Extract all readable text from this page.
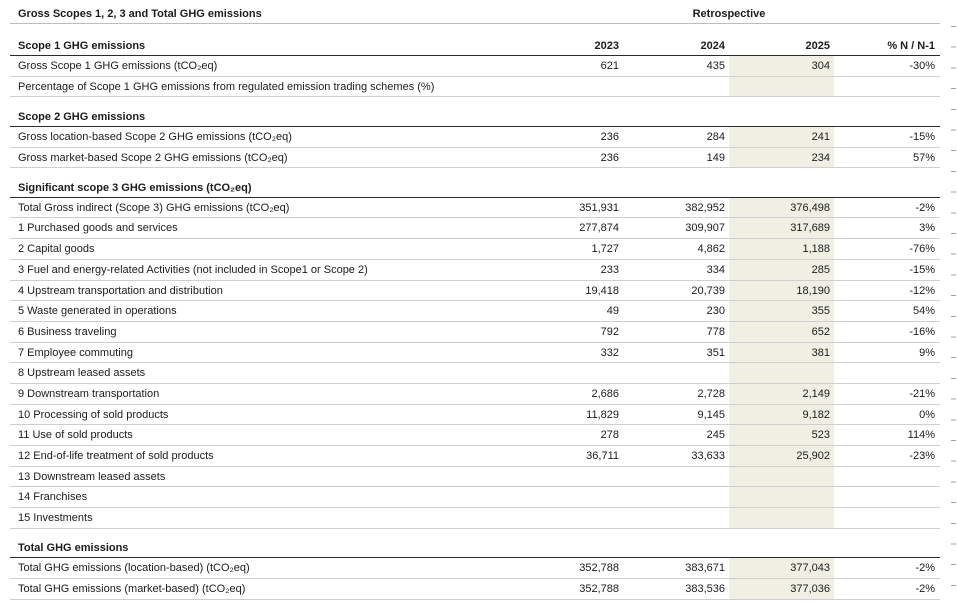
Gross Scopes 1, 2, 3 and Total GHG emissions	Retrospective
Scope 1 GHG emissions	2023	2024	2025	% N / N-1
Gross Scope 1 GHG emissions (tCO₂eq)	621	435	304	-30%
Percentage of Scope 1 GHG emissions from regulated emission trading schemes (%)
Scope 2 GHG emissions
Gross location-based Scope 2 GHG emissions (tCO₂eq)	236	284	241	-15%
Gross market-based Scope 2 GHG emissions (tCO₂eq)	236	149	234	57%
Significant scope 3 GHG emissions (tCO₂eq)
Total Gross indirect (Scope 3) GHG emissions (tCO₂eq)	351,931	382,952	376,498	-2%
1 Purchased goods and services	277,874	309,907	317,689	3%
2 Capital goods	1,727	4,862	1,188	-76%
3 Fuel and energy-related Activities (not included in Scope1 or Scope 2)	233	334	285	-15%
4 Upstream transportation and distribution	19,418	20,739	18,190	-12%
5 Waste generated in operations	49	230	355	54%
6 Business traveling	792	778	652	-16%
7 Employee commuting	332	351	381	9%
8 Upstream leased assets
9 Downstream transportation	2,686	2,728	2,149	-21%
10 Processing of sold products	11,829	9,145	9,182	0%
11 Use of sold products	278	245	523	114%
12 End-of-life treatment of sold products	36,711	33,633	25,902	-23%
13 Downstream leased assets
14 Franchises
15 Investments
Total GHG emissions
Total GHG emissions (location-based) (tCO₂eq)	352,788	383,671	377,043	-2%
Total GHG emissions (market-based) (tCO₂eq)	352,788	383,536	377,036	-2%
